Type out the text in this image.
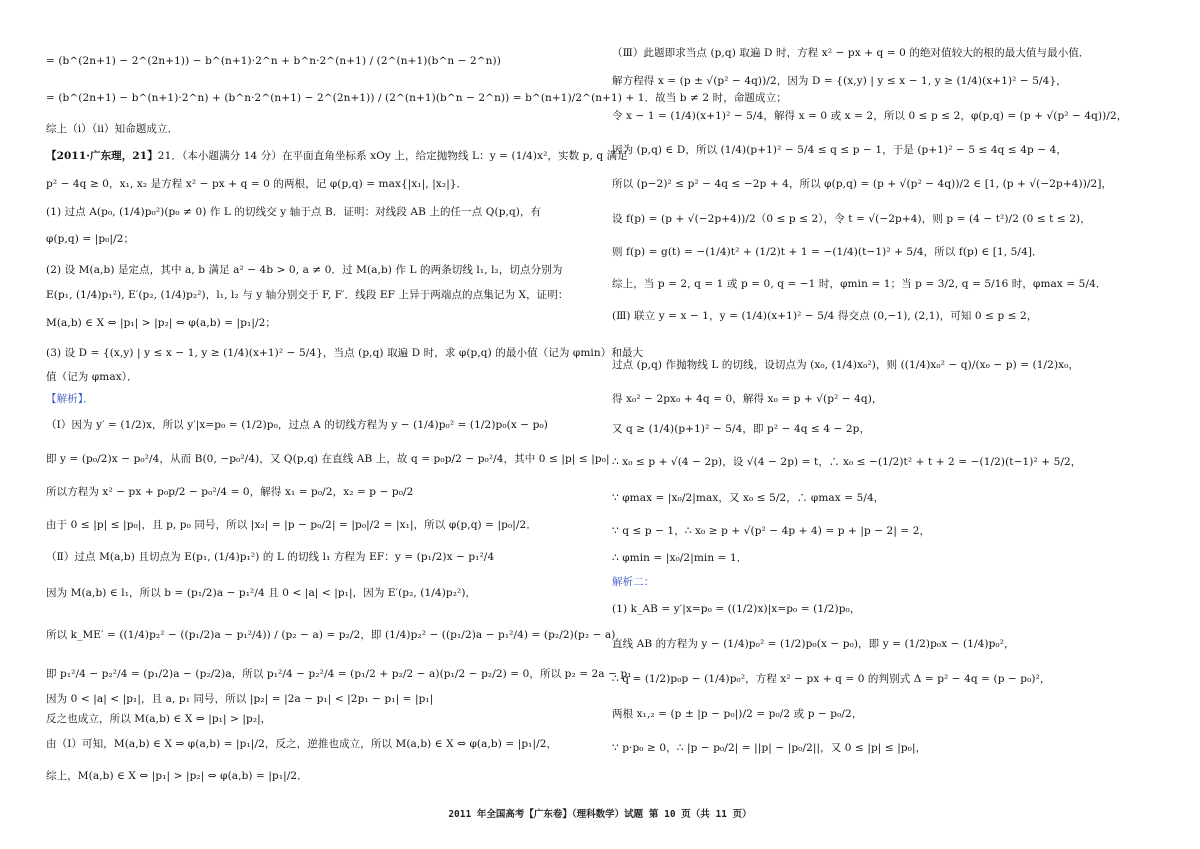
= (b^(2n+1) − 2^(2n+1)) − b^(n+1)·2^n + b^n·2^(n+1) / (2^(n+1)(b^n − 2^n))
= (b^(2n+1) − b^(n+1)·2^n) + (b^n·2^(n+1) − 2^(2n+1)) / (2^(n+1)(b^n − 2^n)) = b^(n+1)/2^(n+1) + 1．故当 b ≠ 2 时，命题成立；
综上（ⅰ）（ⅱ）知命题成立．
【2011·广东理，21】21．（本小题满分 14 分）在平面直角坐标系 xOy 上，给定抛物线 L：y = (1/4)x²，实数 p, q 满足
p² − 4q ≥ 0，x₁, x₂ 是方程 x² − px + q = 0 的两根，记 φ(p,q) = max{|x₁|, |x₂|}．
(1) 过点 A(p₀, (1/4)p₀²)(p₀ ≠ 0) 作 L 的切线交 y 轴于点 B．证明：对线段 AB 上的任一点 Q(p,q)，有
φ(p,q) = |p₀|/2；
(2) 设 M(a,b) 是定点，其中 a, b 满足 a² − 4b > 0, a ≠ 0．过 M(a,b) 作 L 的两条切线 l₁, l₂，切点分别为
E(p₁, (1/4)p₁²), E′(p₂, (1/4)p₂²)，l₁, l₂ 与 y 轴分别交于 F, F′．线段 EF 上异于两端点的点集记为 X，证明：
M(a,b) ∈ X ⇔ |p₁| > |p₂| ⇔ φ(a,b) = |p₁|/2；
(3) 设 D = {(x,y) | y ≤ x − 1, y ≥ (1/4)(x+1)² − 5/4}，当点 (p,q) 取遍 D 时，求 φ(p,q) 的最小值（记为 φmin）和最大
值（记为 φmax）．
【解析】．
（Ⅰ）因为 y′ = (1/2)x，所以 y′|x=p₀ = (1/2)p₀，过点 A 的切线方程为 y − (1/4)p₀² = (1/2)p₀(x − p₀)
即 y = (p₀/2)x − p₀²/4，从而 B(0, −p₀²/4)，又 Q(p,q) 在直线 AB 上，故 q = p₀p/2 − p₀²/4，其中 0 ≤ |p| ≤ |p₀|
所以方程为 x² − px + p₀p/2 − p₀²/4 = 0，解得 x₁ = p₀/2，x₂ = p − p₀/2
由于 0 ≤ |p| ≤ |p₀|，且 p, p₀ 同号，所以 |x₂| = |p − p₀/2| = |p₀|/2 = |x₁|，所以 φ(p,q) = |p₀|/2．
（Ⅱ）过点 M(a,b) 且切点为 E(p₁, (1/4)p₁²) 的 L 的切线 l₁ 方程为 EF：y = (p₁/2)x − p₁²/4
因为 M(a,b) ∈ l₁，所以 b = (p₁/2)a − p₁²/4 且 0 < |a| < |p₁|，因为 E′(p₂, (1/4)p₂²)，
所以 k_ME′ = ((1/4)p₂² − ((p₁/2)a − p₁²/4)) / (p₂ − a) = p₂/2，即 (1/4)p₂² − ((p₁/2)a − p₁²/4) = (p₂/2)(p₂ − a)
即 p₁²/4 − p₂²/4 = (p₁/2)a − (p₂/2)a，所以 p₁²/4 − p₂²/4 = (p₁/2 + p₂/2 − a)(p₁/2 − p₂/2) = 0，所以 p₂ = 2a − p₁
因为 0 < |a| < |p₁|，且 a, p₁ 同号，所以 |p₂| = |2a − p₁| < |2p₁ − p₁| = |p₁|
反之也成立，所以 M(a,b) ∈ X ⇔ |p₁| > |p₂|，
由（Ⅰ）可知，M(a,b) ∈ X ⇒ φ(a,b) = |p₁|/2，反之，逆推也成立，所以 M(a,b) ∈ X ⇔ φ(a,b) = |p₁|/2，
综上，M(a,b) ∈ X ⇔ |p₁| > |p₂| ⇔ φ(a,b) = |p₁|/2．
（Ⅲ）此题即求当点 (p,q) 取遍 D 时，方程 x² − px + q = 0 的绝对值较大的根的最大值与最小值．
解方程得 x = (p ± √(p² − 4q))/2，因为 D = {(x,y) | y ≤ x − 1, y ≥ (1/4)(x+1)² − 5/4}，
令 x − 1 = (1/4)(x+1)² − 5/4，解得 x = 0 或 x = 2，所以 0 ≤ p ≤ 2，φ(p,q) = (p + √(p² − 4q))/2，
因为 (p,q) ∈ D，所以 (1/4)(p+1)² − 5/4 ≤ q ≤ p − 1，于是 (p+1)² − 5 ≤ 4q ≤ 4p − 4，
所以 (p−2)² ≤ p² − 4q ≤ −2p + 4，所以 φ(p,q) = (p + √(p² − 4q))/2 ∈ [1, (p + √(−2p+4))/2]，
设 f(p) = (p + √(−2p+4))/2（0 ≤ p ≤ 2），令 t = √(−2p+4)，则 p = (4 − t²)/2 (0 ≤ t ≤ 2)，
则 f(p) = g(t) = −(1/4)t² + (1/2)t + 1 = −(1/4)(t−1)² + 5/4，所以 f(p) ∈ [1, 5/4]．
综上，当 p = 2, q = 1 或 p = 0, q = −1 时，φmin = 1；当 p = 3/2, q = 5/16 时，φmax = 5/4．
(Ⅲ) 联立 y = x − 1，y = (1/4)(x+1)² − 5/4 得交点 (0,−1), (2,1)，可知 0 ≤ p ≤ 2，
过点 (p,q) 作抛物线 L 的切线，设切点为 (x₀, (1/4)x₀²)，则 ((1/4)x₀² − q)/(x₀ − p) = (1/2)x₀，
得 x₀² − 2px₀ + 4q = 0，解得 x₀ = p + √(p² − 4q)，
又 q ≥ (1/4)(p+1)² − 5/4，即 p² − 4q ≤ 4 − 2p，
∴ x₀ ≤ p + √(4 − 2p)，设 √(4 − 2p) = t，∴ x₀ ≤ −(1/2)t² + t + 2 = −(1/2)(t−1)² + 5/2，
∵ φmax = |x₀/2|max，又 x₀ ≤ 5/2，∴ φmax = 5/4，
∵ q ≤ p − 1，∴ x₀ ≥ p + √(p² − 4p + 4) = p + |p − 2| = 2，
∴ φmin = |x₀/2|min = 1．
解析二：
(1) k_AB = y′|x=p₀ = ((1/2)x)|x=p₀ = (1/2)p₀，
直线 AB 的方程为 y − (1/4)p₀² = (1/2)p₀(x − p₀)，即 y = (1/2)p₀x − (1/4)p₀²，
∴ q = (1/2)p₀p − (1/4)p₀²，方程 x² − px + q = 0 的判别式 Δ = p² − 4q = (p − p₀)²，
两根 x₁,₂ = (p ± |p − p₀|)/2 = p₀/2 或 p − p₀/2，
∵ p·p₀ ≥ 0，∴ |p − p₀/2| = ||p| − |p₀/2||，又 0 ≤ |p| ≤ |p₀|，
2011 年全国高考【广东卷】（理科数学）试题 第 10 页（共 11 页）
